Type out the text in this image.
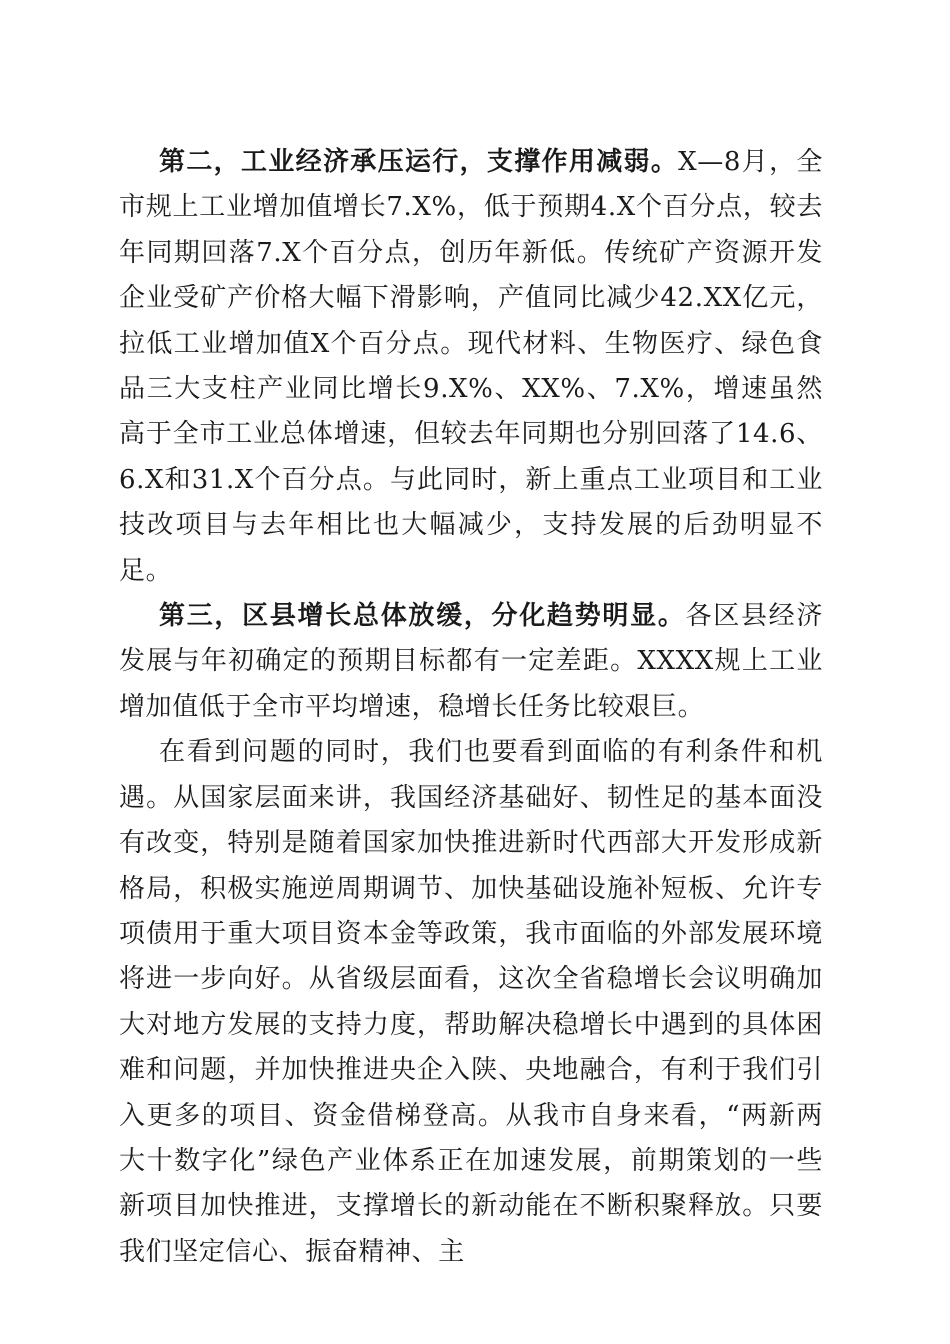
第二，工业经济承压运行，支撑作用减弱。X—8月，全市规上工业增加值增长7.X%，低于预期4.X个百分点，较去年同期回落7.X个百分点，创历年新低。传统矿产资源开发企业受矿产价格大幅下滑影响，产值同比减少42.XX亿元，拉低工业增加值X个百分点。现代材料、生物医疗、绿色食品三大支柱产业同比增长9.X%、XX%、7.X%，增速虽然高于全市工业总体增速，但较去年同期也分别回落了14.6、6.X和31.X个百分点。与此同时，新上重点工业项目和工业技改项目与去年相比也大幅减少，支持发展的后劲明显不足。

第三，区县增长总体放缓，分化趋势明显。各区县经济发展与年初确定的预期目标都有一定差距。XXXX规上工业增加值低于全市平均增速，稳增长任务比较艰巨。

在看到问题的同时，我们也要看到面临的有利条件和机遇。从国家层面来讲，我国经济基础好、韧性足的基本面没有改变，特别是随着国家加快推进新时代西部大开发形成新格局，积极实施逆周期调节、加快基础设施补短板、允许专项债用于重大项目资本金等政策，我市面临的外部发展环境将进一步向好。从省级层面看，这次全省稳增长会议明确加大对地方发展的支持力度，帮助解决稳增长中遇到的具体困难和问题，并加快推进央企入陕、央地融合，有利于我们引入更多的项目、资金借梯登高。从我市自身来看，“两新两大十数字化”绿色产业体系正在加速发展，前期策划的一些新项目加快推进，支撑增长的新动能在不断积聚释放。只要我们坚定信心、振奋精神、主
